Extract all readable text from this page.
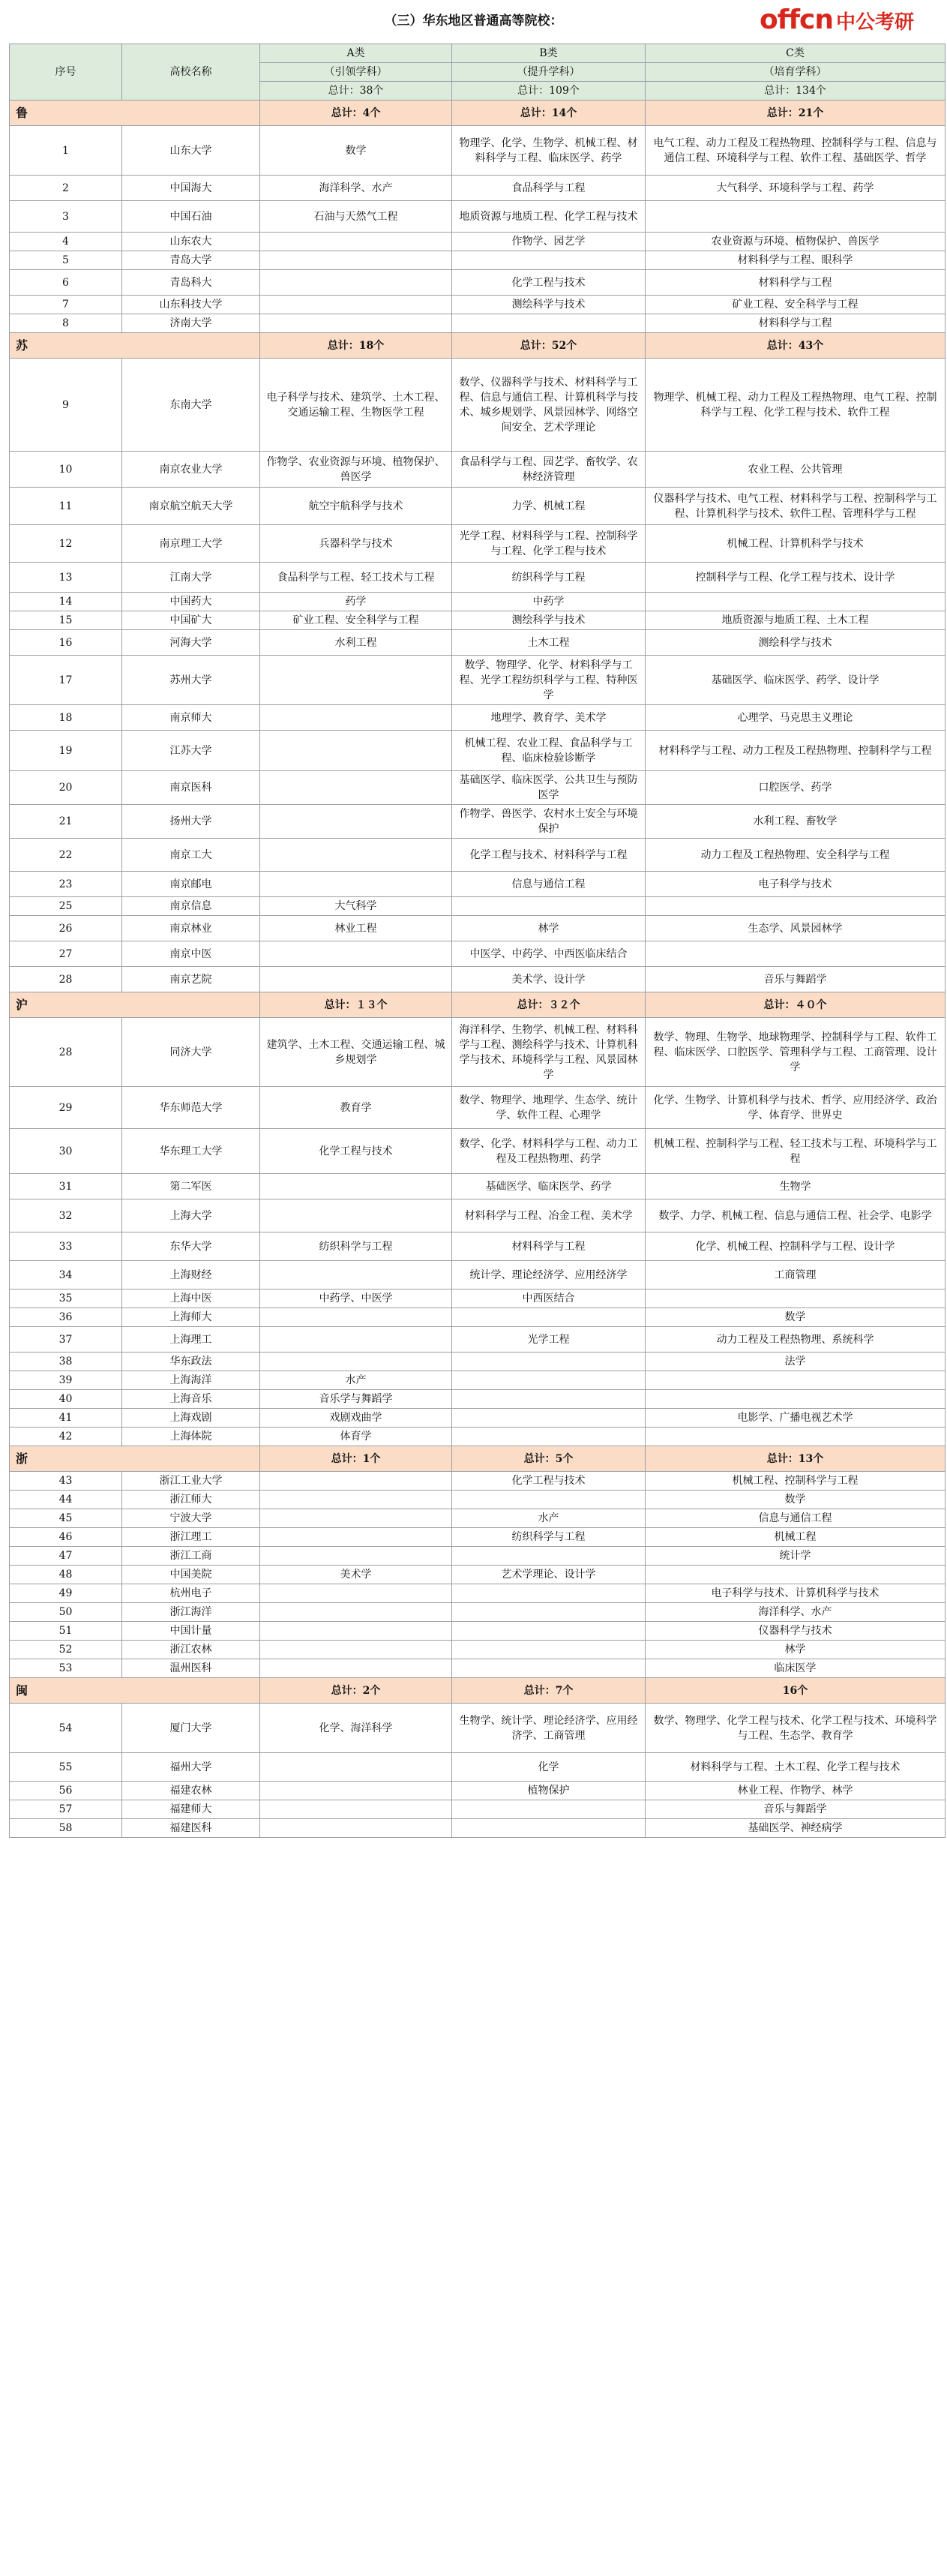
（三）华东地区普通高等院校：	offcn 中公考研
序号	高校名称	A类	B类	C类
		（引领学科）	（提升学科）	（培育学科）
		总计：38个	总计：109个	总计：134个
鲁		总计：4个	总计：14个	总计：21个
1	山东大学	数学	物理学、化学、生物学、机械工程、材料科学与工程、临床医学、药学	电气工程、动力工程及工程热物理、控制科学与工程、信息与通信工程、环境科学与工程、软件工程、基础医学、哲学
2	中国海大	海洋科学、水产	食品科学与工程	大气科学、环境科学与工程、药学
3	中国石油	石油与天然气工程	地质资源与地质工程、化学工程与技术	
4	山东农大		作物学、园艺学	农业资源与环境、植物保护、兽医学
5	青岛大学			材料科学与工程、眼科学
6	青岛科大		化学工程与技术	材料科学与工程
7	山东科技大学		测绘科学与技术	矿业工程、安全科学与工程
8	济南大学			材料科学与工程
苏		总计：18个	总计：52个	总计：43个
9	东南大学	电子科学与技术、建筑学、土木工程、交通运输工程、生物医学工程	数学、仪器科学与技术、材料科学与工程、信息与通信工程、计算机科学与技术、城乡规划学、风景园林学、网络空间安全、艺术学理论	物理学、机械工程、动力工程及工程热物理、电气工程、控制科学与工程、化学工程与技术、软件工程
10	南京农业大学	作物学、农业资源与环境、植物保护、兽医学	食品科学与工程、园艺学、畜牧学、农林经济管理	农业工程、公共管理
11	南京航空航天大学	航空宇航科学与技术	力学、机械工程	仪器科学与技术、电气工程、材料科学与工程、控制科学与工程、计算机科学与技术、软件工程、管理科学与工程
12	南京理工大学	兵器科学与技术	光学工程、材料科学与工程、控制科学与工程、化学工程与技术	机械工程、计算机科学与技术
13	江南大学	食品科学与工程、轻工技术与工程	纺织科学与工程	控制科学与工程、化学工程与技术、设计学
14	中国药大	药学	中药学	
15	中国矿大	矿业工程、安全科学与工程	测绘科学与技术	地质资源与地质工程、土木工程
16	河海大学	水利工程	土木工程	测绘科学与技术
17	苏州大学		数学、物理学、化学、材料科学与工程、光学工程纺织科学与工程、特种医学	基础医学、临床医学、药学、设计学
18	南京师大		地理学、教育学、美术学	心理学、马克思主义理论
19	江苏大学		机械工程、农业工程、食品科学与工程、临床检验诊断学	材料科学与工程、动力工程及工程热物理、控制科学与工程
20	南京医科		基础医学、临床医学、公共卫生与预防医学	口腔医学、药学
21	扬州大学		作物学、兽医学、农村水土安全与环境保护	水利工程、畜牧学
22	南京工大		化学工程与技术、材料科学与工程	动力工程及工程热物理、安全科学与工程
23	南京邮电		信息与通信工程	电子科学与技术
25	南京信息	大气科学		
26	南京林业	林业工程	林学	生态学、风景园林学
27	南京中医		中医学、中药学、中西医临床结合	
28	南京艺院		美术学、设计学	音乐与舞蹈学
沪		总计：１３个	总计：３２个	总计：４０个
28	同济大学	建筑学、土木工程、交通运输工程、城乡规划学	海洋科学、生物学、机械工程、材料科学与工程、测绘科学与技术、计算机科学与技术、环境科学与工程、风景园林学	数学、物理、生物学、地球物理学、控制科学与工程、软件工程、临床医学、口腔医学、管理科学与工程、工商管理、设计学
29	华东师范大学	教育学	数学、物理学、地理学、生态学、统计学、软件工程、心理学	化学、生物学、计算机科学与技术、哲学、应用经济学、政治学、体育学、世界史
30	华东理工大学	化学工程与技术	数学、化学、材料科学与工程、动力工程及工程热物理、药学	机械工程、控制科学与工程、轻工技术与工程、环境科学与工程
31	第二军医		基础医学、临床医学、药学	生物学
32	上海大学		材料科学与工程、冶金工程、美术学	数学、力学、机械工程、信息与通信工程、社会学、电影学
33	东华大学	纺织科学与工程	材料科学与工程	化学、机械工程、控制科学与工程、设计学
34	上海财经		统计学、理论经济学、应用经济学	工商管理
35	上海中医	中药学、中医学	中西医结合	
36	上海师大			数学
37	上海理工		光学工程	动力工程及工程热物理、系统科学
38	华东政法			法学
39	上海海洋	水产		
40	上海音乐	音乐学与舞蹈学		
41	上海戏剧	戏剧戏曲学		电影学、广播电视艺术学
42	上海体院	体育学		
浙		总计：1个	总计：5个	总计：13个
43	浙江工业大学		化学工程与技术	机械工程、控制科学与工程
44	浙江师大			数学
45	宁波大学		水产	信息与通信工程
46	浙江理工		纺织科学与工程	机械工程
47	浙江工商			统计学
48	中国美院	美术学	艺术学理论、设计学	
49	杭州电子			电子科学与技术、计算机科学与技术
50	浙江海洋			海洋科学、水产
51	中国计量			仪器科学与技术
52	浙江农林			林学
53	温州医科			临床医学
闽		总计：2个	总计：7个	16个
54	厦门大学	化学、海洋科学	生物学、统计学、理论经济学、应用经济学、工商管理	数学、物理学、化学工程与技术、化学工程与技术、环境科学与工程、生态学、教育学
55	福州大学		化学	材料科学与工程、土木工程、化学工程与技术
56	福建农林		植物保护	林业工程、作物学、林学
57	福建师大			音乐与舞蹈学
58	福建医科			基础医学、神经病学
